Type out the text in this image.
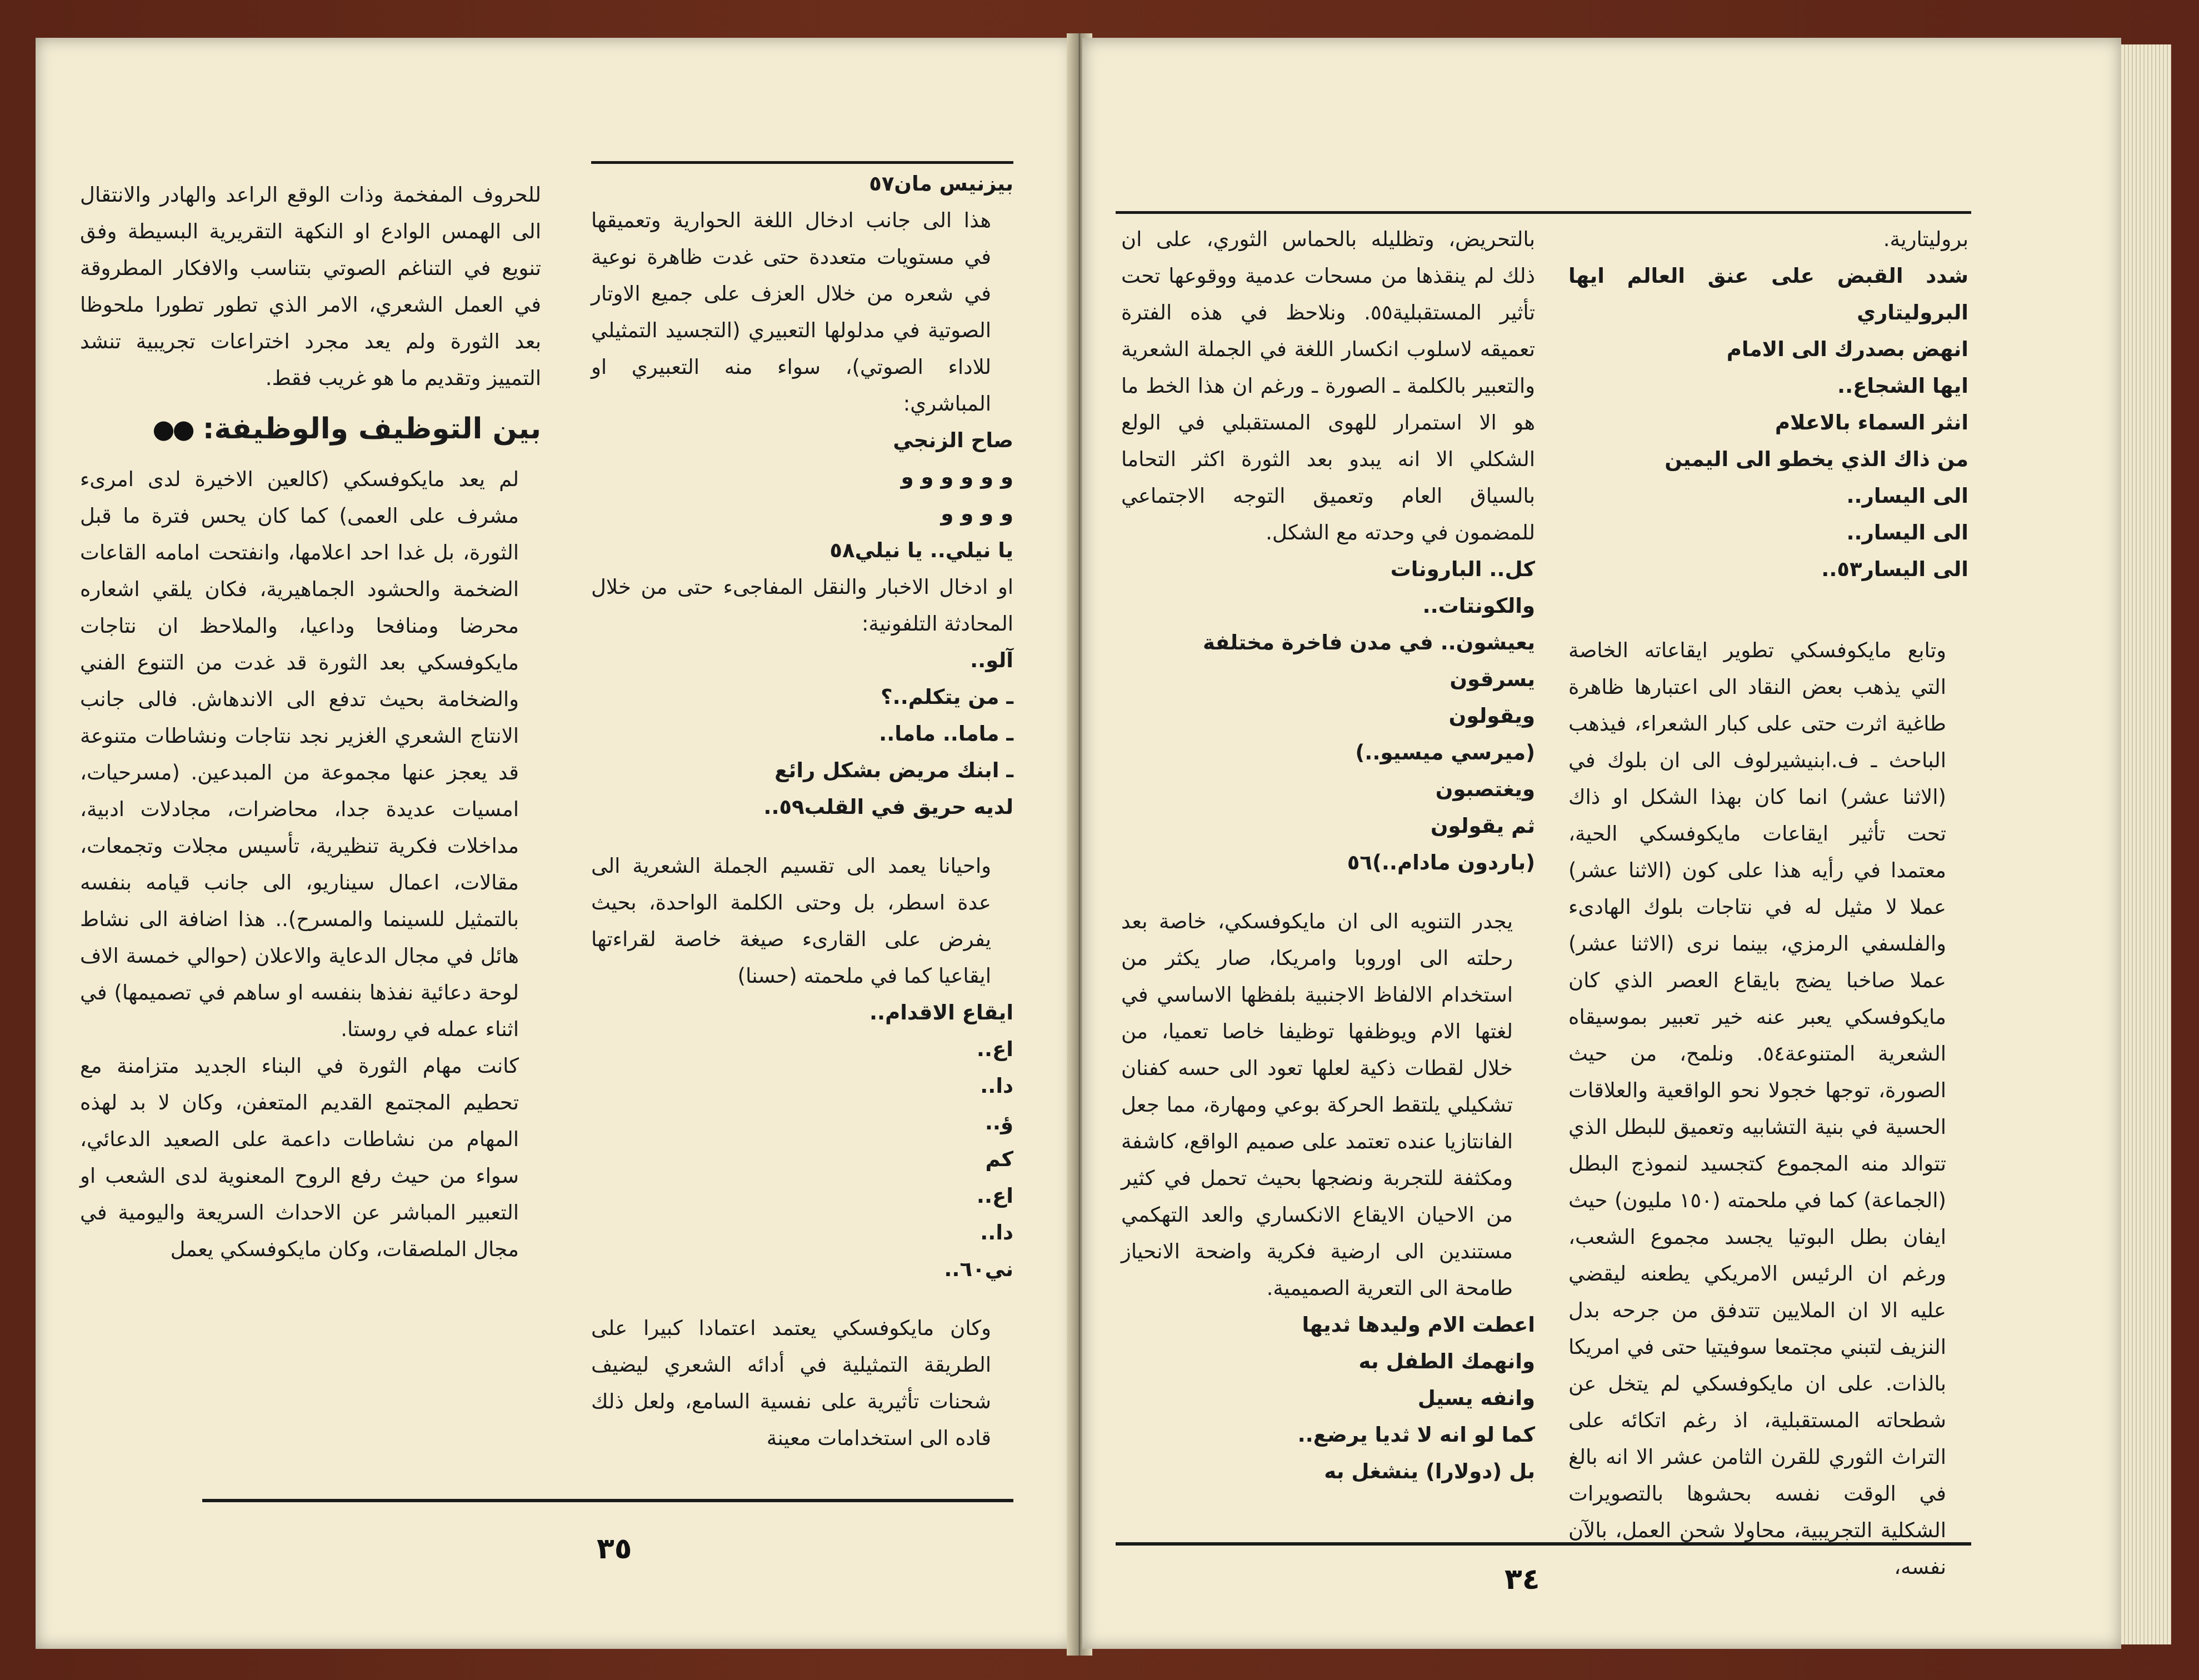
بيزنيس مان٥٧

هذا الى جانب ادخال اللغة الحوارية وتعميقها في مستويات متعددة حتى غدت ظاهرة نوعية في شعره من خلال العزف على جميع الاوتار الصوتية في مدلولها التعبيري (التجسيد التمثيلي للاداء الصوتي)، سواء منه التعبيري او المباشري:

صاح الزنجي

و و و و و و

و و و و

يا نيلي.. يا نيلي٥٨

او ادخال الاخبار والنقل المفاجىء حتى من خلال المحادثة التلفونية:

آلو..

ـ من يتكلم..؟

ـ ماما.. ماما..

ـ ابنك مريض بشكل رائع

لديه حريق في القلب٥٩..

واحيانا يعمد الى تقسيم الجملة الشعرية الى عدة اسطر، بل وحتى الكلمة الواحدة، بحيث يفرض على القارىء صيغة خاصة لقراءتها ايقاعيا كما في ملحمته (حسنا)

ايقاع الاقدام..

اع..

دا..

ؤ..

كم

اع..

دا..

ني٦٠..

وكان مايكوفسكي يعتمد اعتمادا كبيرا على الطريقة التمثيلية في أدائه الشعري ليضيف شحنات تأثيرية على نفسية السامع، ولعل ذلك قاده الى استخدامات معينة

للحروف المفخمة وذات الوقع الراعد والهادر والانتقال الى الهمس الوادع او النكهة التقريرية البسيطة وفق تنويع في التناغم الصوتي بتناسب والافكار المطروقة في العمل الشعري، الامر الذي تطور تطورا ملحوظا بعد الثورة ولم يعد مجرد اختراعات تجريبية تنشد التمييز وتقديم ما هو غريب فقط.

بين التوظيف والوظيفة:
●●

لم يعد مايكوفسكي (كالعين الاخيرة لدى امرىء مشرف على العمى) كما كان يحس فترة ما قبل الثورة، بل غدا احد اعلامها، وانفتحت امامه القاعات الضخمة والحشود الجماهيرية، فكان يلقي اشعاره محرضا ومنافحا وداعيا، والملاحظ ان نتاجات مايكوفسكي بعد الثورة قد غدت من التنوع الفني والضخامة بحيث تدفع الى الاندهاش. فالى جانب الانتاج الشعري الغزير نجد نتاجات ونشاطات متنوعة قد يعجز عنها مجموعة من المبدعين. (مسرحيات، امسيات عديدة جدا، محاضرات، مجادلات ادبية، مداخلات فكرية تنظيرية، تأسيس مجلات وتجمعات، مقالات، اعمال سيناريو، الى جانب قيامه بنفسه بالتمثيل للسينما والمسرح).. هذا اضافة الى نشاط هائل في مجال الدعاية والاعلان (حوالي خمسة الاف لوحة دعائية نفذها بنفسه او ساهم في تصميمها) في اثناء عمله في روستا.

كانت مهام الثورة في البناء الجديد متزامنة مع تحطيم المجتمع القديم المتعفن، وكان لا بد لهذه المهام من نشاطات داعمة على الصعيد الدعائي، سواء من حيث رفع الروح المعنوية لدى الشعب او التعبير المباشر عن الاحداث السريعة واليومية في مجال الملصقات، وكان مايكوفسكي يعمل

٣٥

بروليتارية.

شدد القبض على عنق العالم ايها البروليتاري

انهض بصدرك الى الامام

ايها الشجاع..

انثر السماء بالاعلام

من ذاك الذي يخطو الى اليمين

الى اليسار..

الى اليسار..

الى اليسار٥٣..

وتابع مايكوفسكي تطوير ايقاعاته الخاصة التي يذهب بعض النقاد الى اعتبارها ظاهرة طاغية اثرت حتى على كبار الشعراء، فيذهب الباحث ـ ف.ابنيشيرلوف الى ان بلوك في (الاثنا عشر) انما كان بهذا الشكل او ذاك تحت تأثير ايقاعات مايكوفسكي الحية، معتمدا في رأيه هذا على كون (الاثنا عشر) عملا لا مثيل له في نتاجات بلوك الهادىء والفلسفي الرمزي، بينما نرى (الاثنا عشر) عملا صاخبا يضج بايقاع العصر الذي كان مايكوفسكي يعبر عنه خير تعبير بموسيقاه الشعرية المتنوعة٥٤. ونلمح، من حيث الصورة، توجها خجولا نحو الواقعية والعلاقات الحسية في بنية التشابيه وتعميق للبطل الذي تتوالد منه المجموع كتجسيد لنموذج البطل (الجماعة) كما في ملحمته (١٥٠ مليون) حيث ايفان بطل البوتيا يجسد مجموع الشعب، ورغم ان الرئيس الامريكي يطعنه ليقضي عليه الا ان الملايين تتدفق من جرحه بدل النزيف لتبني مجتمعا سوفيتيا حتى في امريكا بالذات. على ان مايكوفسكي لم يتخل عن شطحاته المستقبلية، اذ رغم اتكائه على التراث الثوري للقرن الثامن عشر الا انه بالغ في الوقت نفسه بحشوها بالتصويرات الشكلية التجريبية، محاولا شحن العمل، بالآن نفسه،

بالتحريض، وتظليله بالحماس الثوري، على ان ذلك لم ينقذها من مسحات عدمية ووقوعها تحت تأثير المستقبلية٥٥. ونلاحظ في هذه الفترة تعميقه لاسلوب انكسار اللغة في الجملة الشعرية والتعبير بالكلمة ـ الصورة ـ ورغم ان هذا الخط ما هو الا استمرار للهوى المستقبلي في الولع الشكلي الا انه يبدو بعد الثورة اكثر التحاما بالسياق العام وتعميق التوجه الاجتماعي للمضمون في وحدته مع الشكل.

كل.. البارونات

والكونتات..

يعيشون.. في مدن فاخرة مختلفة

يسرقون

ويقولون

(ميرسي ميسيو..)

ويغتصبون

ثم يقولون

(باردون مادام..)٥٦

يجدر التنويه الى ان مايكوفسكي، خاصة بعد رحلته الى اوروبا وامريكا، صار يكثر من استخدام الالفاظ الاجنبية بلفظها الاساسي في لغتها الام ويوظفها توظيفا خاصا تعميا، من خلال لقطات ذكية لعلها تعود الى حسه كفنان تشكيلي يلتقط الحركة بوعي ومهارة، مما جعل الفانتازيا عنده تعتمد على صميم الواقع، كاشفة ومكثفة للتجربة ونضجها بحيث تحمل في كثير من الاحيان الايقاع الانكساري والعد التهكمي مستندين الى ارضية فكرية واضحة الانحياز طامحة الى التعرية الصميمية.

اعطت الام وليدها ثديها

وانهمك الطفل به

وانفه يسيل

كما لو انه لا ثديا يرضع..

بل (دولارا) ينشغل به

٣٤
